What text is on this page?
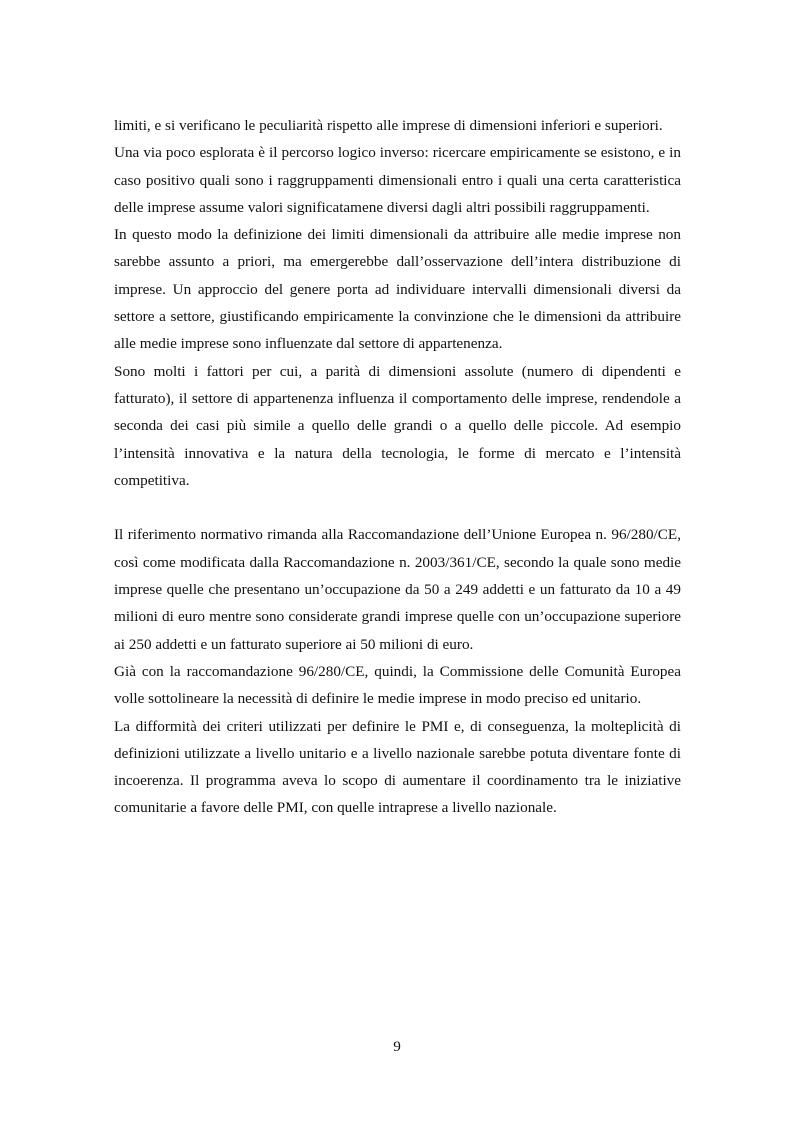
limiti, e si verificano le peculiarità rispetto alle imprese di dimensioni inferiori e superiori.

Una via poco esplorata è il percorso logico inverso: ricercare empiricamente se esistono, e in caso positivo quali sono i raggruppamenti dimensionali entro i quali una certa caratteristica delle imprese assume valori significatamene diversi dagli altri possibili raggruppamenti.

In questo modo la definizione dei limiti dimensionali da attribuire alle medie imprese non sarebbe assunto a priori, ma emergerebbe dall’osservazione dell’intera distribuzione di imprese. Un approccio del genere porta ad individuare intervalli dimensionali diversi da settore a settore, giustificando empiricamente la convinzione che le dimensioni da attribuire alle medie imprese sono influenzate dal settore di appartenenza.

Sono molti i fattori per cui, a parità di dimensioni assolute (numero di dipendenti e fatturato), il settore di appartenenza influenza il comportamento delle imprese, rendendole a seconda dei casi più simile a quello delle grandi o a quello delle piccole. Ad esempio l’intensità innovativa e la natura della tecnologia, le forme di mercato e l’intensità competitiva.

Il riferimento normativo rimanda alla Raccomandazione dell’Unione Europea n. 96/280/CE, così come modificata dalla Raccomandazione n. 2003/361/CE, secondo la quale sono medie imprese quelle che presentano un’occupazione da 50 a 249 addetti e un fatturato da 10 a 49 milioni di euro mentre sono considerate grandi imprese quelle con un’occupazione superiore ai 250 addetti e un fatturato superiore ai 50 milioni di euro.

Già con la raccomandazione 96/280/CE, quindi, la Commissione delle Comunità Europea volle sottolineare la necessità di definire le medie imprese in modo preciso ed unitario.

La difformità dei criteri utilizzati per definire le PMI e, di conseguenza, la molteplicità di definizioni utilizzate a livello unitario e a livello nazionale sarebbe potuta diventare fonte di incoerenza. Il programma aveva lo scopo di aumentare il coordinamento tra le iniziative comunitarie a favore delle PMI, con quelle intraprese a livello nazionale.

9
